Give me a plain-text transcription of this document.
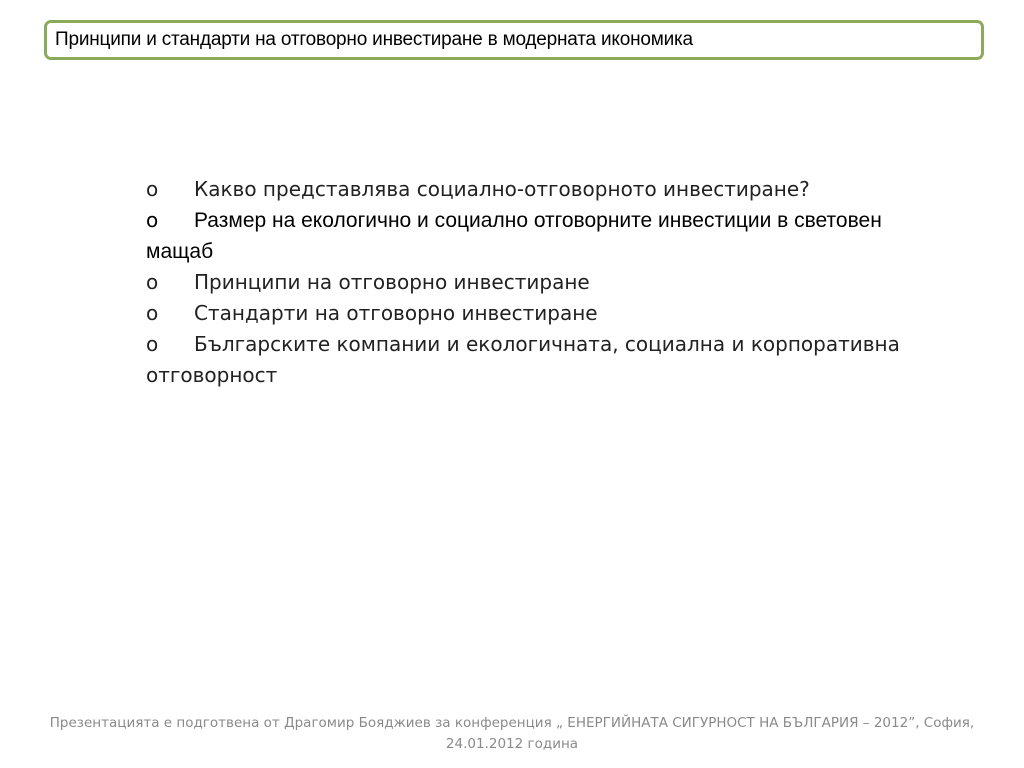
Принципи и стандарти на отговорно инвестиране в модерната икономика
o Какво представлява социално-отговорното инвестиране?
o Размер на екологично и социално отговорните инвестиции в световен мащаб
o Принципи на отговорно инвестиране
o Стандарти на отговорно инвестиране
o Българските компании и екологичната, социална и корпоративна отговорност
Презентацията е подготвена от Драгомир Бояджиев за конференция „ ЕНЕРГИЙНАТА СИГУРНОСТ НА БЪЛГАРИЯ – 2012”, София,
24.01.2012 година
